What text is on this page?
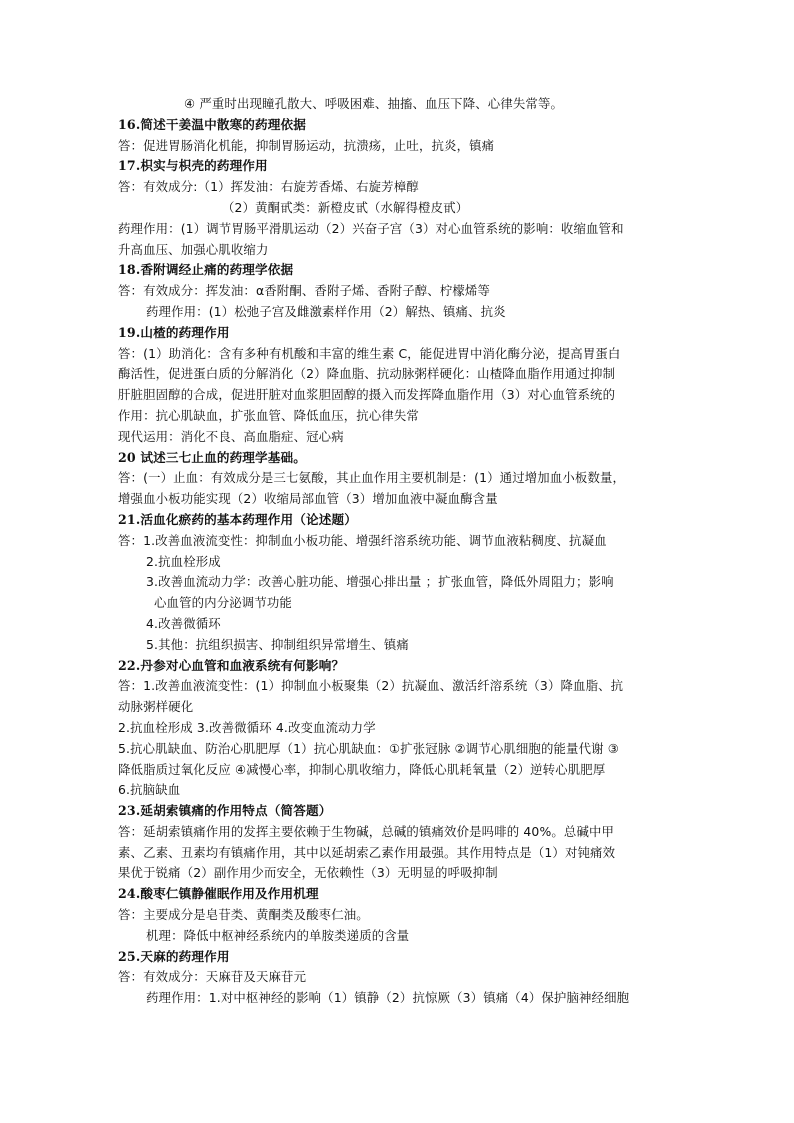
④ 严重时出现瞳孔散大、呼吸困难、抽搐、血压下降、心律失常等。
16.简述干姜温中散寒的药理依据
答：促进胃肠消化机能，抑制胃肠运动，抗溃疡，止吐，抗炎，镇痛
17.枳实与枳壳的药理作用
答：有效成分:（1）挥发油：右旋芳香烯、右旋芳樟醇
（2）黄酮甙类：新橙皮甙（水解得橙皮甙）
药理作用：(1）调节胃肠平滑肌运动（2）兴奋子宫（3）对心血管系统的影响：收缩血管和
升高血压、加强心肌收缩力
18.香附调经止痛的药理学依据
答：有效成分：挥发油：α香附酮、香附子烯、香附子醇、柠檬烯等
药理作用：(1）松弛子宫及雌激素样作用（2）解热、镇痛、抗炎
19.山楂的药理作用
答：(1）助消化：含有多种有机酸和丰富的维生素 C，能促进胃中消化酶分泌，提高胃蛋白
酶活性，促进蛋白质的分解消化（2）降血脂、抗动脉粥样硬化：山楂降血脂作用通过抑制
肝脏胆固醇的合成，促进肝脏对血浆胆固醇的摄入而发挥降血脂作用（3）对心血管系统的
作用：抗心肌缺血，扩张血管、降低血压，抗心律失常
现代运用：消化不良、高血脂症、冠心病
20 试述三七止血的药理学基础。
答：(一）止血：有效成分是三七氨酸，其止血作用主要机制是：(1）通过增加血小板数量，
增强血小板功能实现（2）收缩局部血管（3）增加血液中凝血酶含量
21.活血化瘀药的基本药理作用（论述题）
答：1.改善血液流变性：抑制血小板功能、增强纤溶系统功能、调节血液粘稠度、抗凝血
2.抗血栓形成
3.改善血流动力学：改善心脏功能、增强心排出量 ；扩张血管，降低外周阻力；影响
心血管的内分泌调节功能
4.改善微循环
5.其他：抗组织损害、抑制组织异常增生、镇痛
22.丹参对心血管和血液系统有何影响？
答：1.改善血液流变性：(1）抑制血小板聚集（2）抗凝血、激活纤溶系统（3）降血脂、抗
动脉粥样硬化
2.抗血栓形成 3.改善微循环 4.改变血流动力学
5.抗心肌缺血、防治心肌肥厚（1）抗心肌缺血：①扩张冠脉 ②调节心肌细胞的能量代谢 ③
降低脂质过氧化反应 ④减慢心率，抑制心肌收缩力，降低心肌耗氧量（2）逆转心肌肥厚
6.抗脑缺血
23.延胡索镇痛的作用特点（简答题）
答：延胡索镇痛作用的发挥主要依赖于生物碱，总碱的镇痛效价是吗啡的 40%。总碱中甲
素、乙素、丑素均有镇痛作用，其中以延胡索乙素作用最强。其作用特点是（1）对钝痛效
果优于锐痛（2）副作用少而安全，无依赖性（3）无明显的呼吸抑制
24.酸枣仁镇静催眠作用及作用机理
答：主要成分是皂苷类、黄酮类及酸枣仁油。
机理：降低中枢神经系统内的单胺类递质的含量
25.天麻的药理作用
答：有效成分：天麻苷及天麻苷元
药理作用：1.对中枢神经的影响（1）镇静（2）抗惊厥（3）镇痛（4）保护脑神经细胞
